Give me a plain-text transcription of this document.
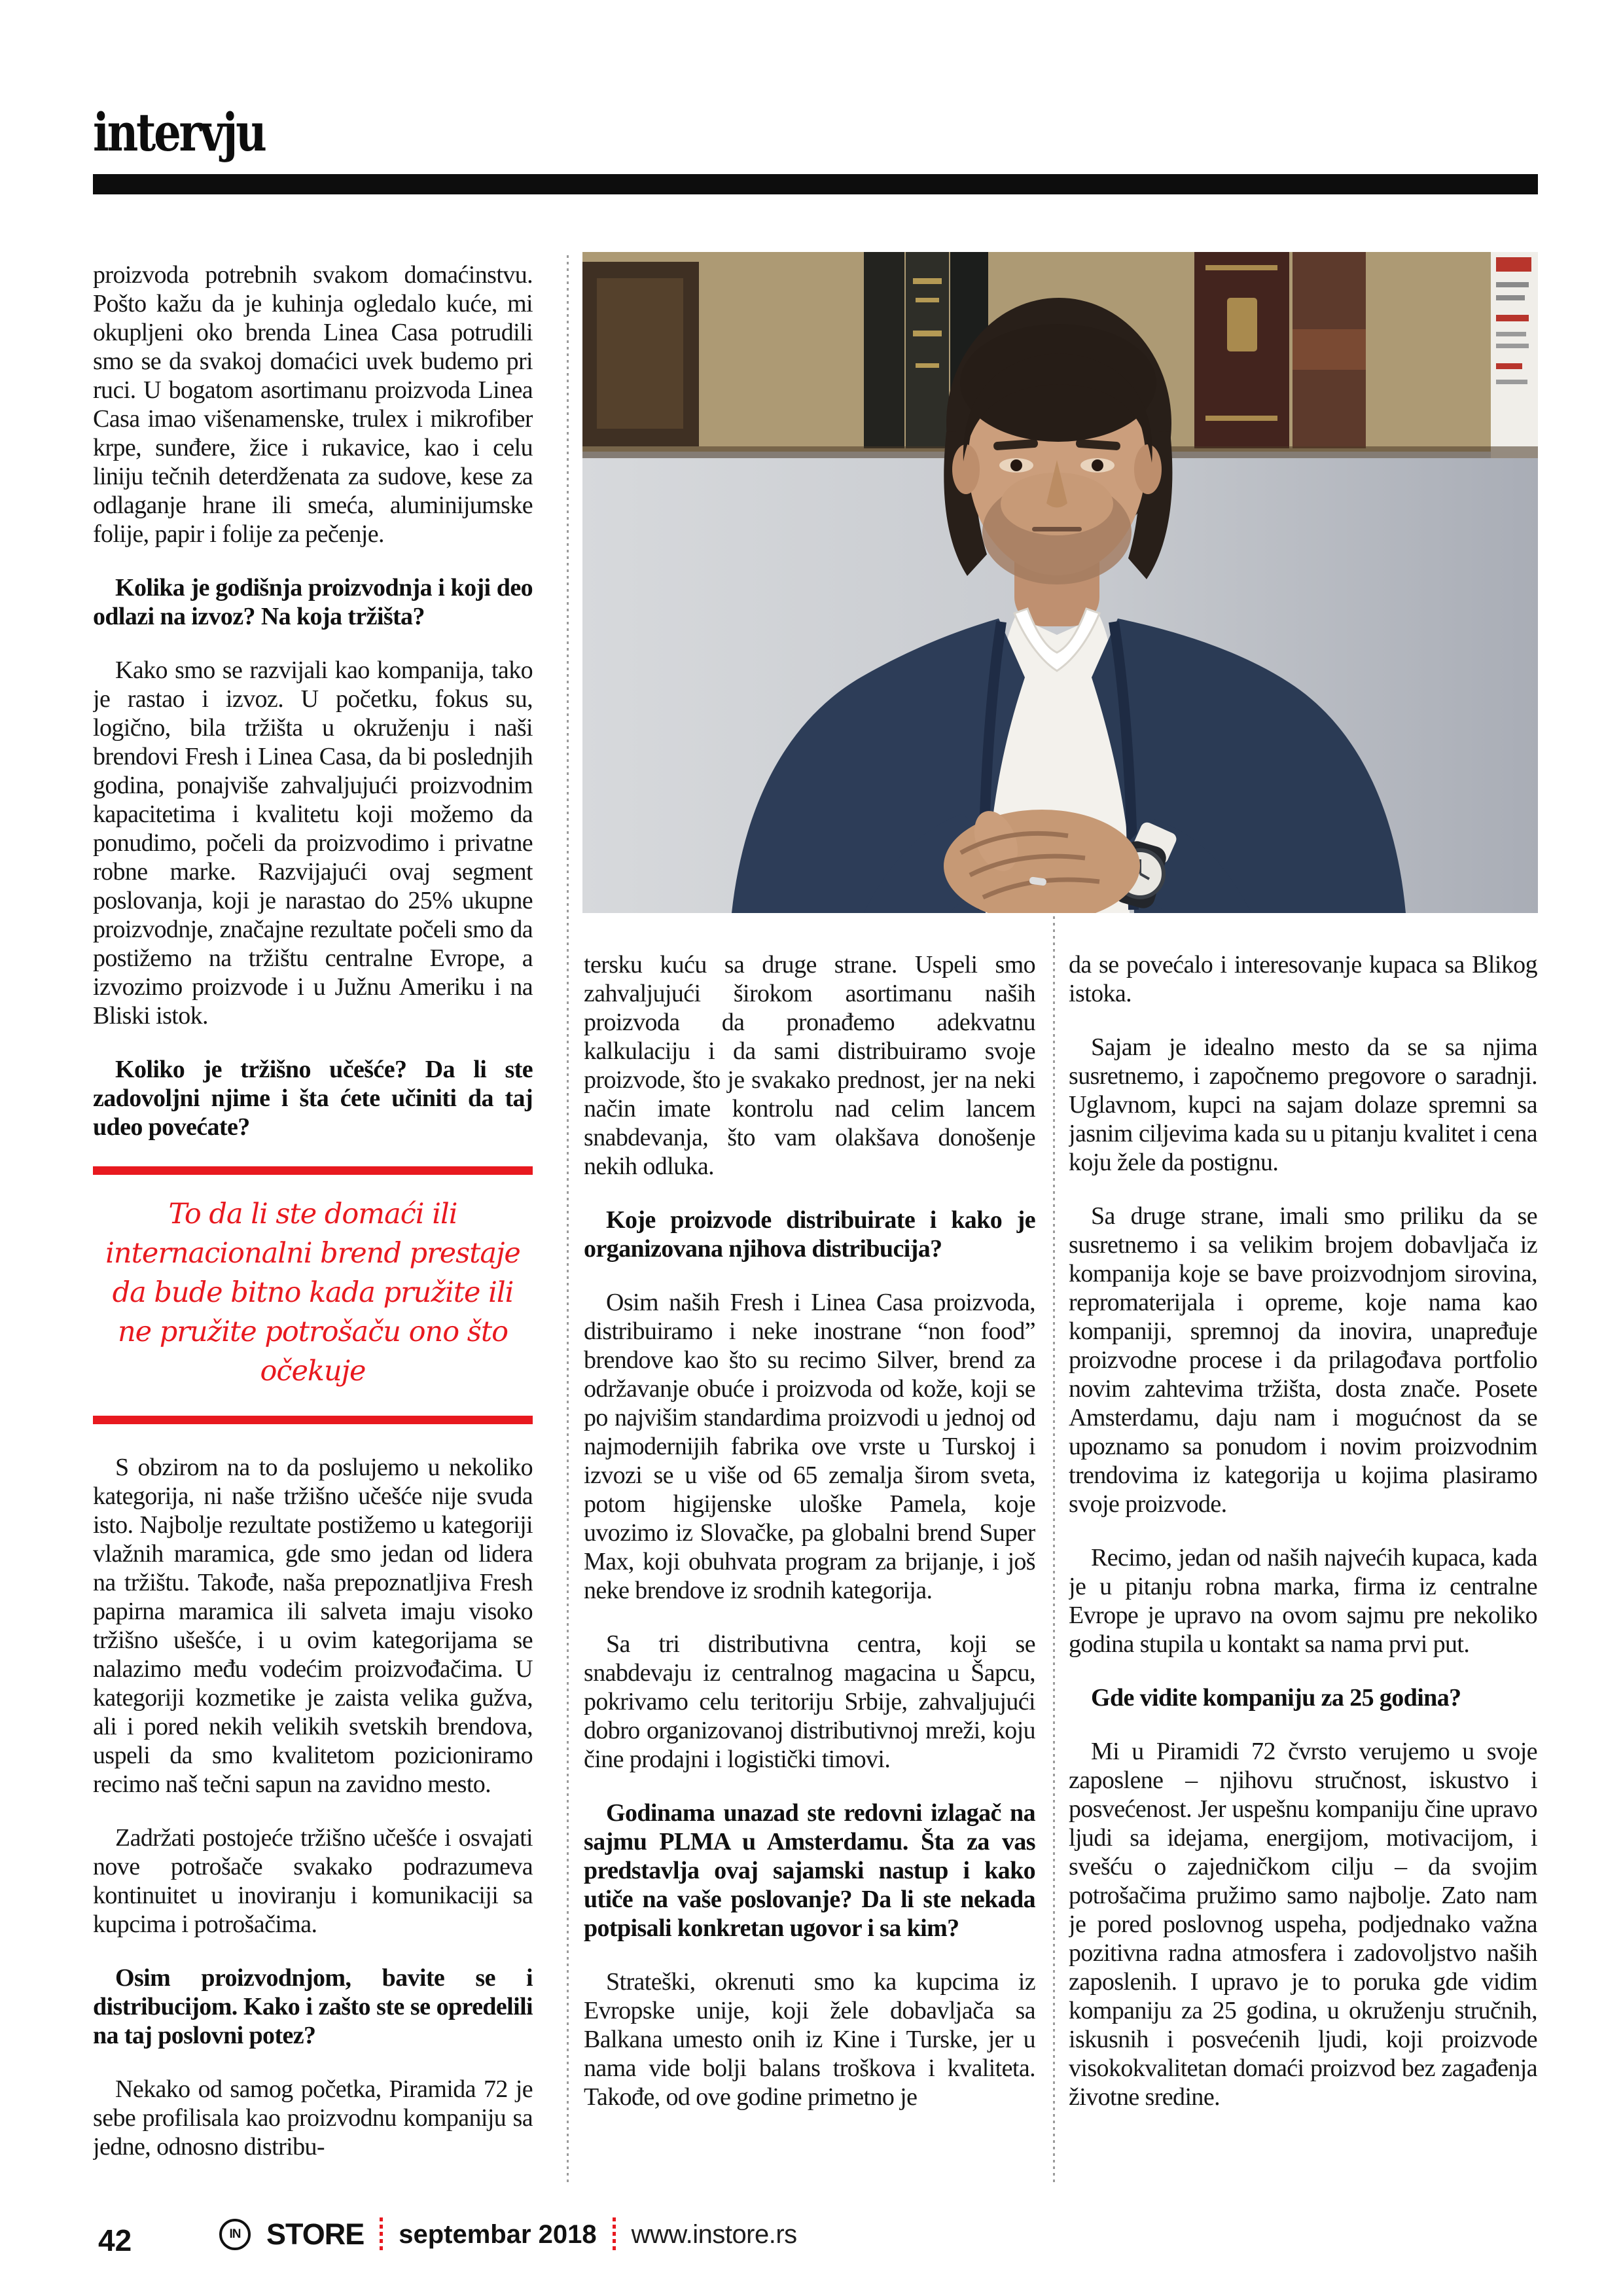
intervju

proizvoda potrebnih svakom domaćinstvu. Pošto kažu da je kuhinja ogledalo kuće, mi okupljeni oko brenda Linea Casa potrudili smo se da svakoj domaćici uvek budemo pri ruci. U bogatom asortimanu proizvoda Linea Casa imao višenamenske, trulex i mikrofiber krpe, sunđere, žice i rukavice, kao i celu liniju tečnih deterdženata za sudove, kese za odlaganje hrane ili smeća, aluminijumske folije, papir i folije za pečenje.

Kolika je godišnja proizvodnja i koji deo odlazi na izvoz? Na koja tržišta?

Kako smo se razvijali kao kompanija, tako je rastao i izvoz. U početku, fokus su, logično, bila tržišta u okruženju i naši brendovi Fresh i Linea Casa, da bi poslednjih godina, ponajviše zahvaljujući proizvodnim kapacitetima i kvalitetu koji možemo da ponudimo, počeli da proizvodimo i privatne robne marke. Razvijajući ovaj segment poslovanja, koji je narastao do 25% ukupne proizvodnje, značajne rezultate počeli smo da postižemo na tržištu centralne Evrope, a izvozimo proizvode i u Južnu Ameriku i na Bliski istok.

Koliko je tržišno učešće? Da li ste zadovoljni njime i šta ćete učiniti da taj udeo povećate?

To da li ste domaći ili internacionalni brend prestaje da bude bitno kada pružite ili ne pružite potrošaču ono što očekuje

S obzirom na to da poslujemo u nekoliko kategorija, ni naše tržišno učešće nije svuda isto. Najbolje rezultate postižemo u kategoriji vlažnih maramica, gde smo jedan od lidera na tržištu. Takođe, naša prepoznatljiva Fresh papirna maramica ili salveta imaju visoko tržišno ušešće, i u ovim kategorijama se nalazimo među vodećim proizvođačima. U kategoriji kozmetike je zaista velika gužva, ali i pored nekih velikih svetskih brendova, uspeli da smo kvalitetom pozicioniramo recimo naš tečni sapun na zavidno mesto.

Zadržati postojeće tržišno učešće i osvajati nove potrošače svakako podrazumeva kontinuitet u inoviranju i komunikaciji sa kupcima i potrošačima.

Osim proizvodnjom, bavite se i distribucijom. Kako i zašto ste se opredelili na taj poslovni potez?

Nekako od samog početka, Piramida 72 je sebe profilisala kao proizvodnu kompaniju sa jedne, odnosno distribu-

tersku kuću sa druge strane. Uspeli smo zahvaljujući širokom asortimanu naših proizvoda da pronađemo adekvatnu kalkulaciju i da sami distribuiramo svoje proizvode, što je svakako prednost, jer na neki način imate kontrolu nad celim lancem snabdevanja, što vam olakšava donošenje nekih odluka.

Koje proizvode distribuirate i kako je organizovana njihova distribucija?

Osim naših Fresh i Linea Casa proizvoda, distribuiramo i neke inostrane “non food” brendove kao što su recimo Silver, brend za održavanje obuće i proizvoda od kože, koji se po najvišim standardima proizvodi u jednoj od najmodernijih fabrika ove vrste u Turskoj i izvozi se u više od 65 zemalja širom sveta, potom higijenske uloške Pamela, koje uvozimo iz Slovačke, pa globalni brend Super Max, koji obuhvata program za brijanje, i još neke brendove iz srodnih kategorija.

Sa tri distributivna centra, koji se snabdevaju iz centralnog magacina u Šapcu, pokrivamo celu teritoriju Srbije, zahvaljujući dobro organizovanoj distributivnoj mreži, koju čine prodajni i logistički timovi.

Godinama unazad ste redovni izlagač na sajmu PLMA u Amsterdamu. Šta za vas predstavlja ovaj sajamski nastup i kako utiče na vaše poslovanje? Da li ste nekada potpisali konkretan ugovor i sa kim?

Strateški, okrenuti smo ka kupcima iz Evropske unije, koji žele dobavljača sa Balkana umesto onih iz Kine i Turske, jer u nama vide bolji balans troškova i kvaliteta. Takođe, od ove godine primetno je

da se povećalo i interesovanje kupaca sa Blikog istoka.

Sajam je idealno mesto da se sa njima susretnemo, i započnemo pregovore o saradnji. Uglavnom, kupci na sajam dolaze spremni sa jasnim ciljevima kada su u pitanju kvalitet i cena koju žele da postignu.

Sa druge strane, imali smo priliku da se susretnemo i sa velikim brojem dobavljača iz kompanija koje se bave proizvodnjom sirovina, repromaterijala i opreme, koje nama kao kompaniji, spremnoj da inovira, unapređuje proizvodne procese i da prilagođava portfolio novim zahtevima tržišta, dosta znače. Posete Amsterdamu, daju nam i mogućnost da se upoznamo sa ponudom i novim proizvodnim trendovima iz kategorija u kojima plasiramo svoje proizvode.

Recimo, jedan od naših najvećih kupaca, kada je u pitanju robna marka, firma iz centralne Evrope je upravo na ovom sajmu pre nekoliko godina stupila u kontakt sa nama prvi put.

Gde vidite kompaniju za 25 godina?

Mi u Piramidi 72 čvrsto verujemo u svoje zaposlene – njihovu stručnost, iskustvo i posvećenost. Jer uspešnu kompaniju čine upravo ljudi sa idejama, energijom, motivacijom, i svešću o zajedničkom cilju – da svojim potrošačima pružimo samo najbolje. Zato nam je pored poslovnog uspeha, podjednako važna pozitivna radna atmosfera i zadovoljstvo naših zaposlenih. I upravo je to poruka gde vidim kompaniju za 25 godina, u okruženju stručnih, iskusnih i posvećenih ljudi, koji proizvode visokokvalitetan domaći proizvod bez zagađenja životne sredine.

42	IN STORE septembar 2018 www.instore.rs
